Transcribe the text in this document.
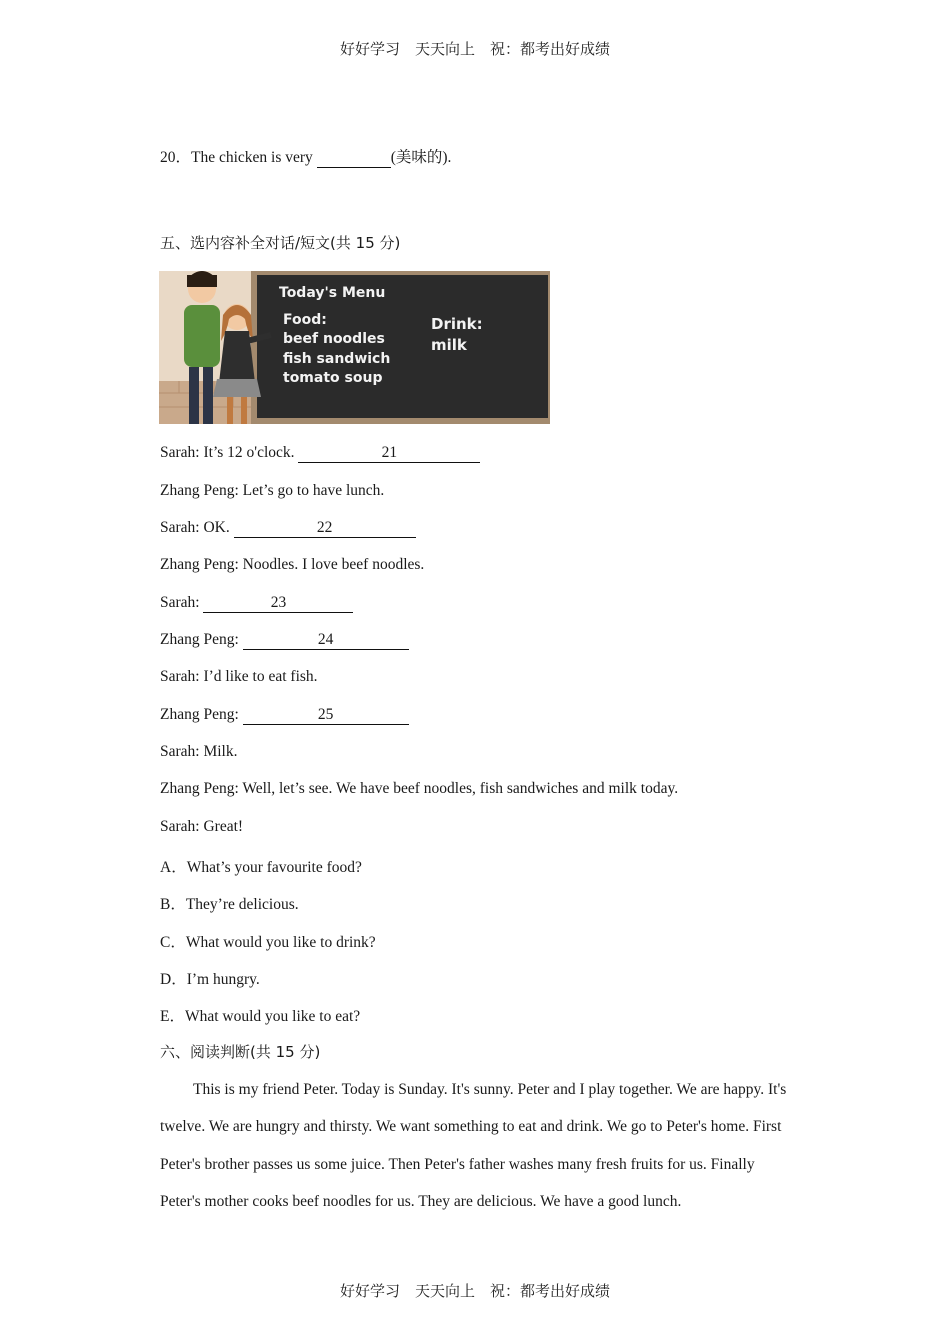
好好学习　天天向上　祝：都考出好成绩
20．The chicken is very	(美味的).
五、选内容补全对话/短文(共 15 分)
Today's Menu
Food:
beef noodles
fish sandwich
tomato soup
Drink:
milk
Sarah: It’s 12 o'clock.	21
Zhang Peng: Let’s go to have lunch.
Sarah: OK.	22
Zhang Peng: Noodles. I love beef noodles.
Sarah:	23
Zhang Peng:	24
Sarah: I’d like to eat fish.
Zhang Peng:	25
Sarah: Milk.
Zhang Peng: Well, let’s see. We have beef noodles, fish sandwiches and milk today.
Sarah: Great!
A．What’s your favourite food?
B．They’re delicious.
C．What would you like to drink?
D．I’m hungry.
E．What would you like to eat?
六、阅读判断(共 15 分)
This is my friend Peter. Today is Sunday. It's sunny. Peter and I play together. We are happy. It's twelve. We are hungry and thirsty. We want something to eat and drink. We go to Peter's home. First Peter's brother passes us some juice. Then Peter's father washes many fresh fruits for us. Finally Peter's mother cooks beef noodles for us. They are delicious. We have a good lunch.
好好学习　天天向上　祝：都考出好成绩
